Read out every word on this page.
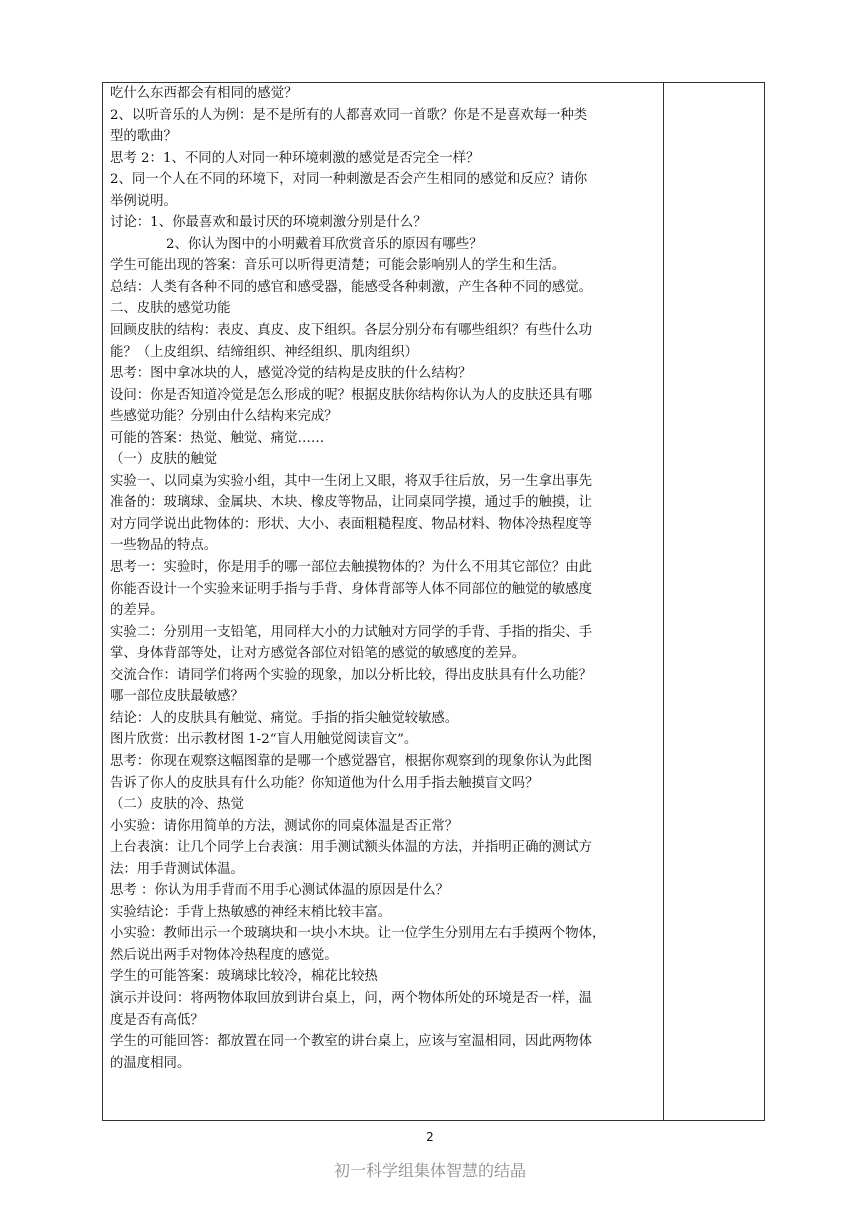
吃什么东西都会有相同的感觉？
2、以听音乐的人为例：是不是所有的人都喜欢同一首歌？你是不是喜欢每一种类
型的歌曲？
思考 2：1、不同的人对同一种环境刺激的感觉是否完全一样？
2、同一个人在不同的环境下，对同一种刺激是否会产生相同的感觉和反应？请你
举例说明。
讨论：1、你最喜欢和最讨厌的环境刺激分别是什么？
2、你认为图中的小明戴着耳欣赏音乐的原因有哪些？
学生可能出现的答案：音乐可以听得更清楚；可能会影响别人的学生和生活。
总结：人类有各种不同的感官和感受器，能感受各种刺激，产生各种不同的感觉。
二、皮肤的感觉功能
回顾皮肤的结构：表皮、真皮、皮下组织。各层分别分布有哪些组织？有些什么功
能？（上皮组织、结缔组织、神经组织、肌肉组织）
思考：图中拿冰块的人，感觉冷觉的结构是皮肤的什么结构？
设问：你是否知道冷觉是怎么形成的呢？根据皮肤你结构你认为人的皮肤还具有哪
些感觉功能？分别由什么结构来完成？
可能的答案：热觉、触觉、痛觉……
（一）皮肤的触觉
实验一、以同桌为实验小组，其中一生闭上又眼，将双手往后放，另一生拿出事先
准备的：玻璃球、金属块、木块、橡皮等物品，让同桌同学摸，通过手的触摸，让
对方同学说出此物体的：形状、大小、表面粗糙程度、物品材料、物体冷热程度等
一些物品的特点。
思考一：实验时，你是用手的哪一部位去触摸物体的？为什么不用其它部位？由此
你能否设计一个实验来证明手指与手背、身体背部等人体不同部位的触觉的敏感度
的差异。
实验二：分别用一支铅笔，用同样大小的力试触对方同学的手背、手指的指尖、手
掌、身体背部等处，让对方感觉各部位对铅笔的感觉的敏感度的差异。
交流合作：请同学们将两个实验的现象，加以分析比较，得出皮肤具有什么功能？
哪一部位皮肤最敏感？
结论：人的皮肤具有触觉、痛觉。手指的指尖触觉较敏感。
图片欣赏：出示教材图 1-2“盲人用触觉阅读盲文”。
思考：你现在观察这幅图靠的是哪一个感觉器官，根据你观察到的现象你认为此图
告诉了你人的皮肤具有什么功能？你知道他为什么用手指去触摸盲文吗？
（二）皮肤的冷、热觉
小实验：请你用简单的方法，测试你的同桌体温是否正常？
上台表演：让几个同学上台表演：用手测试额头体温的方法，并指明正确的测试方
法：用手背测试体温。
思考 ：你认为用手背而不用手心测试体温的原因是什么？
实验结论：手背上热敏感的神经末梢比较丰富。
小实验：教师出示一个玻璃块和一块小木块。让一位学生分别用左右手摸两个物体，
然后说出两手对物体冷热程度的感觉。
学生的可能答案：玻璃球比较冷，棉花比较热
演示并设问：将两物体取回放到讲台桌上，问，两个物体所处的环境是否一样，温
度是否有高低？
学生的可能回答：都放置在同一个教室的讲台桌上，应该与室温相同，因此两物体
的温度相同。
2
初一科学组集体智慧的结晶
